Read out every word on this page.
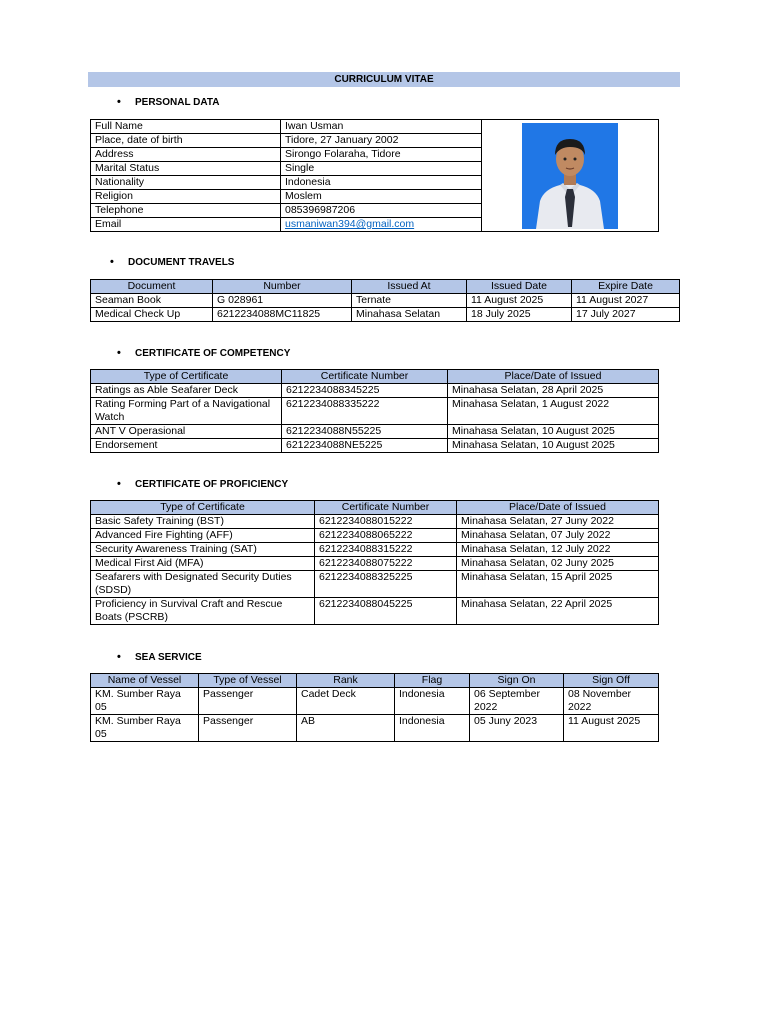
CURRICULUM VITAE
• PERSONAL DATA
Full Name	Iwan Usman	

Place, date of birth	Tidore, 27 January 2002	
Address	Sirongo Folaraha, Tidore	
Marital Status	Single	
Nationality	Indonesia	
Religion	Moslem	
Telephone	085396987206	
Email	usmaniwan394@gmail.com	
• DOCUMENT TRAVELS
Document	Number	Issued At	Issued Date	Expire Date
Seaman Book	G 028961	Ternate	11 August 2025	11 August 2027
Medical Check Up	6212234088MC11825	Minahasa Selatan	18 July 2025	17 July 2027
• CERTIFICATE OF COMPETENCY
Type of Certificate	Certificate Number	Place/Date of Issued
Ratings as Able Seafarer Deck	6212234088345225	Minahasa Selatan, 28 April 2025
Rating Forming Part of a Navigational Watch	6212234088335222	Minahasa Selatan, 1 August 2022
ANT V Operasional	6212234088N55225	Minahasa Selatan, 10 August 2025
Endorsement	6212234088NE5225	Minahasa Selatan, 10 August 2025
• CERTIFICATE OF PROFICIENCY
Type of Certificate	Certificate Number	Place/Date of Issued
Basic Safety Training (BST)	6212234088015222	Minahasa Selatan, 27 Juny 2022
Advanced Fire Fighting (AFF)	6212234088065222	Minahasa Selatan, 07 July 2022
Security Awareness Training (SAT)	6212234088315222	Minahasa Selatan, 12 July 2022
Medical First Aid (MFA)	6212234088075222	Minahasa Selatan, 02 Juny 2025
Seafarers with Designated Security Duties (SDSD)	6212234088325225	Minahasa Selatan, 15 April 2025
Proficiency in Survival Craft and Rescue Boats (PSCRB)	6212234088045225	Minahasa Selatan, 22 April 2025
• SEA SERVICE
Name of Vessel	Type of Vessel	Rank	Flag	Sign On	Sign Off
KM. Sumber Raya 05	Passenger	Cadet Deck	Indonesia	06 September 2022	08 November 2022
KM. Sumber Raya 05	Passenger	AB	Indonesia	05 Juny 2023	11 August 2025
